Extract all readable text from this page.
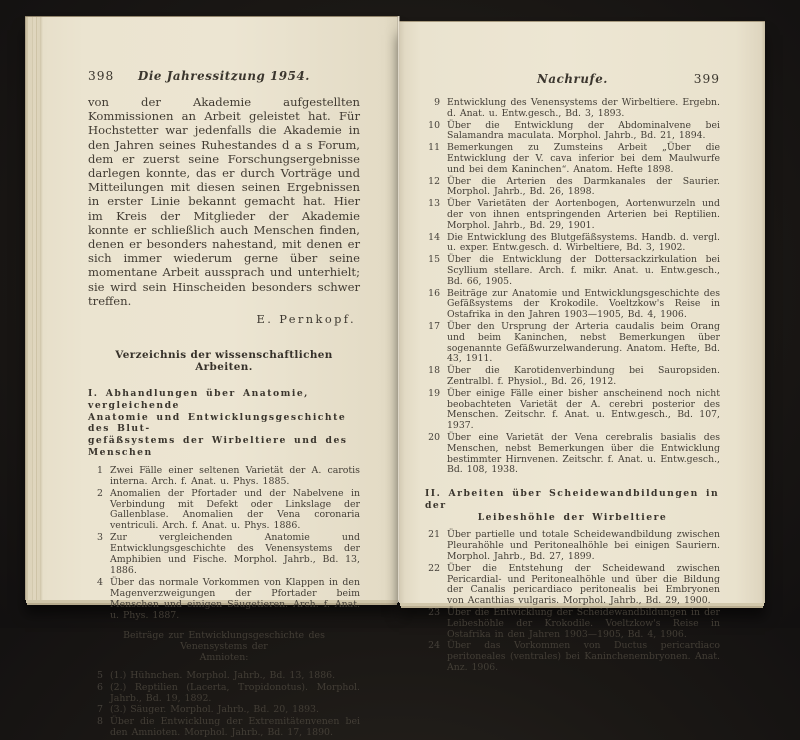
398	Die Jahressitzung 1954.
von der Akademie aufgestellten Kommissionen an Arbeit geleistet hat. Für Hochstetter war jedenfalls die Akademie in den Jahren seines Ruhestandes d a s Forum, dem er zuerst seine Forschungsergebnisse darlegen konnte, das er durch Vorträge und Mitteilungen mit diesen seinen Ergebnissen in erster Linie bekannt gemacht hat. Hier im Kreis der Mitglieder der Akademie konnte er schließlich auch Menschen finden, denen er besonders nahestand, mit denen er sich immer wiederum gerne über seine momentane Arbeit aussprach und unterhielt; sie wird sein Hinscheiden besonders schwer treffen.
E. Pernkopf.
Verzeichnis der wissenschaftlichen Arbeiten.
I. Abhandlungen über Anatomie, vergleichende
Anatomie und Entwicklungsgeschichte des Blut-
gefäßsystems der Wirbeltiere und des Menschen
1 Zwei Fälle einer seltenen Varietät der A. carotis interna. Arch. f. Anat. u. Phys. 1885.
2 Anomalien der Pfortader und der Nabelvene in Verbindung mit Defekt oder Linkslage der Gallenblase. Anomalien der Vena coronaria ventriculi. Arch. f. Anat. u. Phys. 1886.
3 Zur vergleichenden Anatomie und Entwicklungsgeschichte des Venensystems der Amphibien und Fische. Morphol. Jahrb., Bd. 13, 1886.
4 Über das normale Vorkommen von Klappen in den Magenverzweigungen der Pfortader beim Menschen und einigen Säugetieren. Arch. f. Anat. u. Phys. 1887.
Beiträge zur Entwicklungsgeschichte des Venensystems der
Amnioten:
5 (1.) Hühnchen. Morphol. Jahrb., Bd. 13, 1886.
6 (2.) Reptilien (Lacerta, Tropidonotus). Morphol. Jahrb., Bd. 19, 1892.
7 (3.) Säuger. Morphol. Jahrb., Bd. 20, 1893.
8 Über die Entwicklung der Extremitätenvenen bei den Amnioten. Morphol. Jahrb., Bd. 17, 1890.
Nachrufe.	399
9 Entwicklung des Venensystems der Wirbeltiere. Ergebn. d. Anat. u. Entw.gesch., Bd. 3, 1893.
10 Über die Entwicklung der Abdominalvene bei Salamandra maculata. Morphol. Jahrb., Bd. 21, 1894.
11 Bemerkungen zu Zumsteins Arbeit „Über die Entwicklung der V. cava inferior bei dem Maulwurfe und bei dem Kaninchen“. Anatom. Hefte 1898.
12 Über die Arterien des Darmkanales der Saurier. Morphol. Jahrb., Bd. 26, 1898.
13 Über Varietäten der Aortenbogen, Aortenwurzeln und der von ihnen entspringenden Arterien bei Reptilien. Morphol. Jahrb., Bd. 29, 1901.
14 Die Entwicklung des Blutgefäßsystems. Handb. d. vergl. u. exper. Entw.gesch. d. Wirbeltiere, Bd. 3, 1902.
15 Über die Entwicklung der Dottersackzirkulation bei Scyllium stellare. Arch. f. mikr. Anat. u. Entw.gesch., Bd. 66, 1905.
16 Beiträge zur Anatomie und Entwicklungsgeschichte des Gefäßsystems der Krokodile. Voeltzkow's Reise in Ostafrika in den Jahren 1903—1905, Bd. 4, 1906.
17 Über den Ursprung der Arteria caudalis beim Orang und beim Kaninchen, nebst Bemerkungen über sogenannte Gefäßwurzelwanderung. Anatom. Hefte, Bd. 43, 1911.
18 Über die Karotidenverbindung bei Sauropsiden. Zentralbl. f. Physiol., Bd. 26, 1912.
19 Über einige Fälle einer bisher anscheinend noch nicht beobachteten Varietät der A. cerebri posterior des Menschen. Zeitschr. f. Anat. u. Entw.gesch., Bd. 107, 1937.
20 Über eine Varietät der Vena cerebralis basialis des Menschen, nebst Bemerkungen über die Entwicklung bestimmter Hirnvenen. Zeitschr. f. Anat. u. Entw.gesch., Bd. 108, 1938.
II. Arbeiten über Scheidewandbildungen in der
Leibeshöhle der Wirbeltiere
21 Über partielle und totale Scheidewandbildung zwischen Pleurahöhle und Peritonealhöhle bei einigen Sauriern. Morphol. Jahrb., Bd. 27, 1899.
22 Über die Entstehung der Scheidewand zwischen Pericardial- und Peritonealhöhle und über die Bildung der Canalis pericardiaco peritonealis bei Embryonen von Acanthias vulgaris. Morphol. Jahrb., Bd. 29, 1900.
23 Über die Entwicklung der Scheidewandbildungen in der Leibeshöhle der Krokodile. Voeltzkow's Reise in Ostafrika in den Jahren 1903—1905, Bd. 4, 1906.
24 Über das Vorkommen von Ductus pericardiaco peritoneales (ventrales) bei Kaninchenembryonen. Anat. Anz. 1906.
